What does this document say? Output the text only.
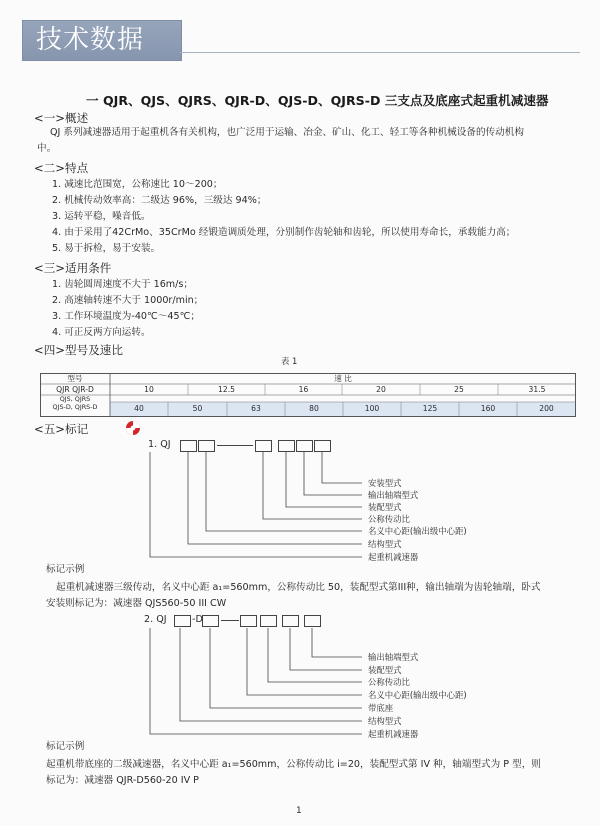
技术数据
一 QJR、QJS、QJRS、QJR-D、QJS-D、QJRS-D 三支点及底座式起重机减速器
<一>概述
QJ 系列减速器适用于起重机各有关机构，也广泛用于运输、冶金、矿山、化工、轻工等各种机械设备的传动机构
中。
<二>特点
1. 减速比范围宽，公称速比 10～200；
2. 机械传动效率高：二级达 96%，三级达 94%；
3. 运转平稳，噪音低。
4. 由于采用了42CrMo、35CrMo 经锻造调质处理，分别制作齿轮轴和齿轮，所以使用寿命长，承载能力高；
5. 易于拆检，易于安装。
<三>适用条件
1. 齿轮圆周速度不大于 16m/s；
2. 高速轴转速不大于 1000r/min；
3. 工作环境温度为-40℃～45℃；
4. 可正反两方向运转。
<四>型号及速比
表 1
型号	速 比
QJR QJR-D	10	12.5	16	20	25	31.5
QJS, QJRS
QJS-D, QJRS-D	40	50	63	80	100	125	160	200
<五>标记
1. QJ
安装型式
输出轴端型式
装配型式
公称传动比
名义中心距(输出级中心距)
结构型式
起重机减速器
标记示例
起重机减速器三级传动，名义中心距 a₁=560mm，公称传动比 50，装配型式第III种，输出轴端为齿轮轴端，卧式
安装则标记为：减速器 QJS560-50 III CW
2. QJ	-D
输出轴端型式
装配型式
公称传动比
名义中心距(输出级中心距)
带底座
结构型式
起重机减速器
标记示例
起重机带底座的二级减速器，名义中心距 a₁=560mm，公称传动比 i=20，装配型式第 IV 种，轴端型式为 P 型，则
标记为：减速器 QJR-D560-20 IV P
1
